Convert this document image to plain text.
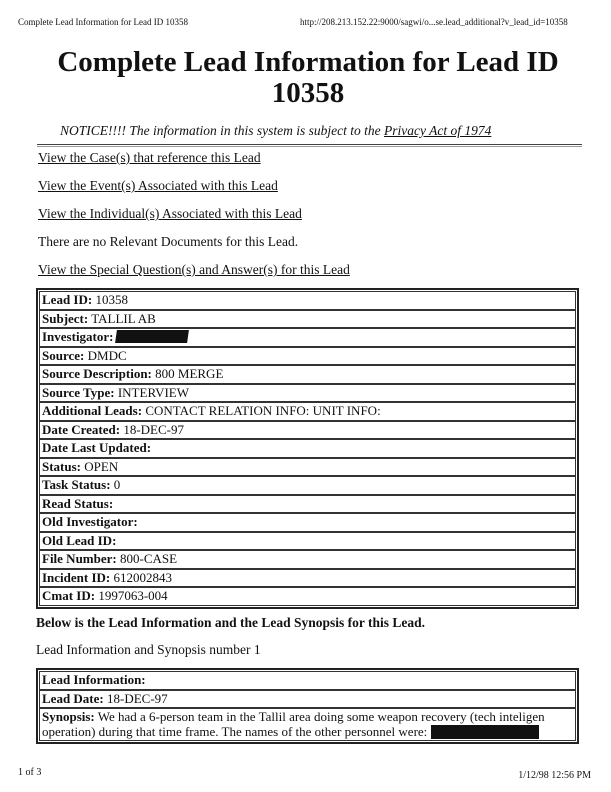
Complete Lead Information for Lead ID 10358	http://208.213.152.22:9000/sagwi/o...se.lead_additional?v_lead_id=10358
Complete Lead Information for Lead ID 10358
NOTICE!!!! The information in this system is subject to the Privacy Act of 1974
View the Case(s) that reference this Lead
View the Event(s) Associated with this Lead
View the Individual(s) Associated with this Lead
There are no Relevant Documents for this Lead.
View the Special Question(s) and Answer(s) for this Lead
Lead ID: 10358
Subject: TALLIL AB
Investigator:
Source: DMDC
Source Description: 800 MERGE
Source Type: INTERVIEW
Additional Leads: CONTACT RELATION INFO: UNIT INFO:
Date Created: 18-DEC-97
Date Last Updated:
Status: OPEN
Task Status: 0
Read Status:
Old Investigator:
Old Lead ID:
File Number: 800-CASE
Incident ID: 612002843
Cmat ID: 1997063-004
Below is the Lead Information and the Lead Synopsis for this Lead.
Lead Information and Synopsis number 1
Lead Information:
Lead Date: 18-DEC-97
Synopsis: We had a 6-person team in the Tallil area doing some weapon recovery (tech inteligen operation) during that time frame. The names of the other personnel were:
1 of 3	1/12/98 12:56 PM
